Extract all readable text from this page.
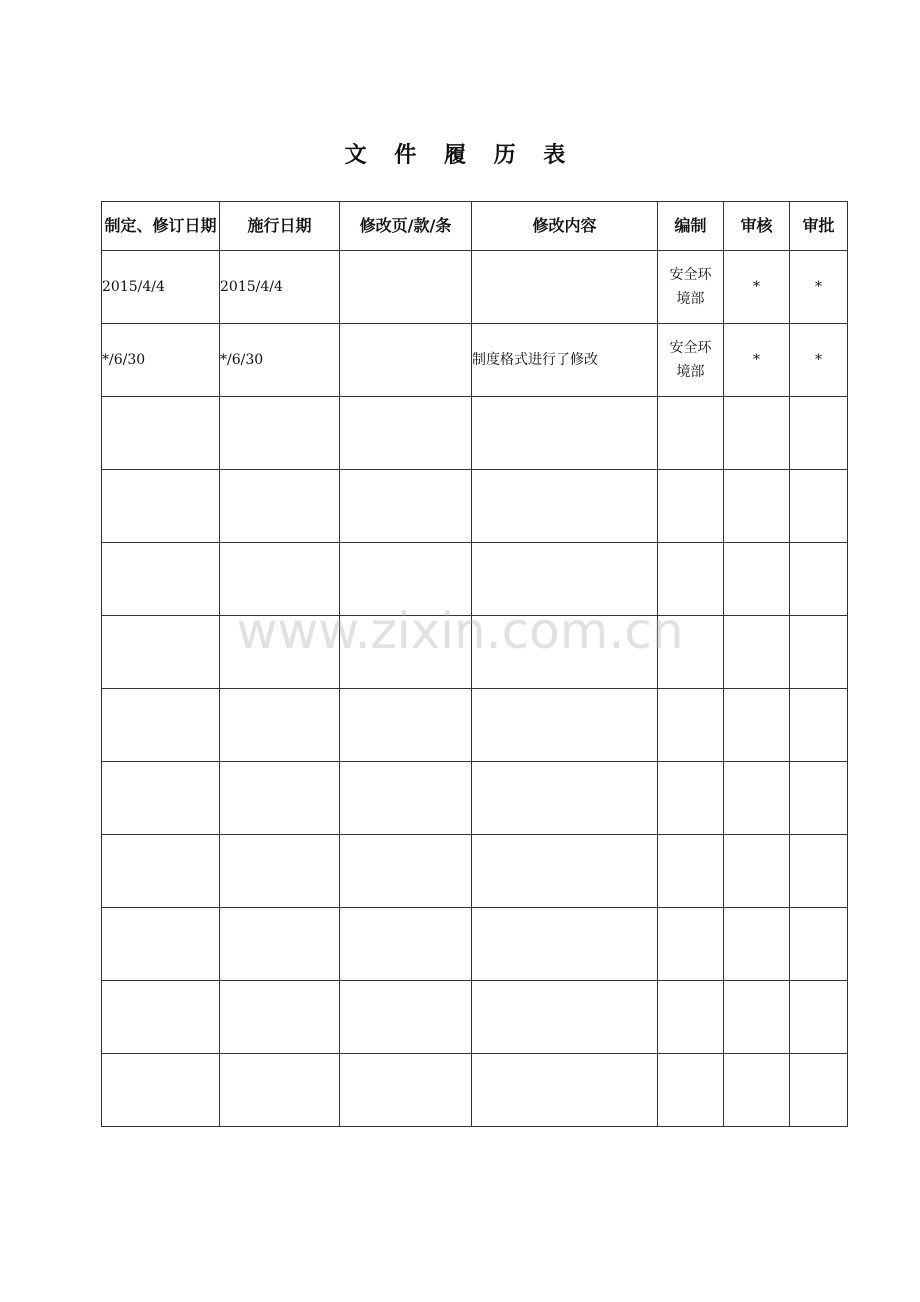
文 件 履 历 表
制定、修订日期	施行日期	修改页/款/条	修改内容	编制	审核	审批
2015/4/4	2015/4/4			安全环境部	*	*
*/6/30	*/6/30		制度格式进行了修改	安全环境部	*	*

www.zixin.com.cn
